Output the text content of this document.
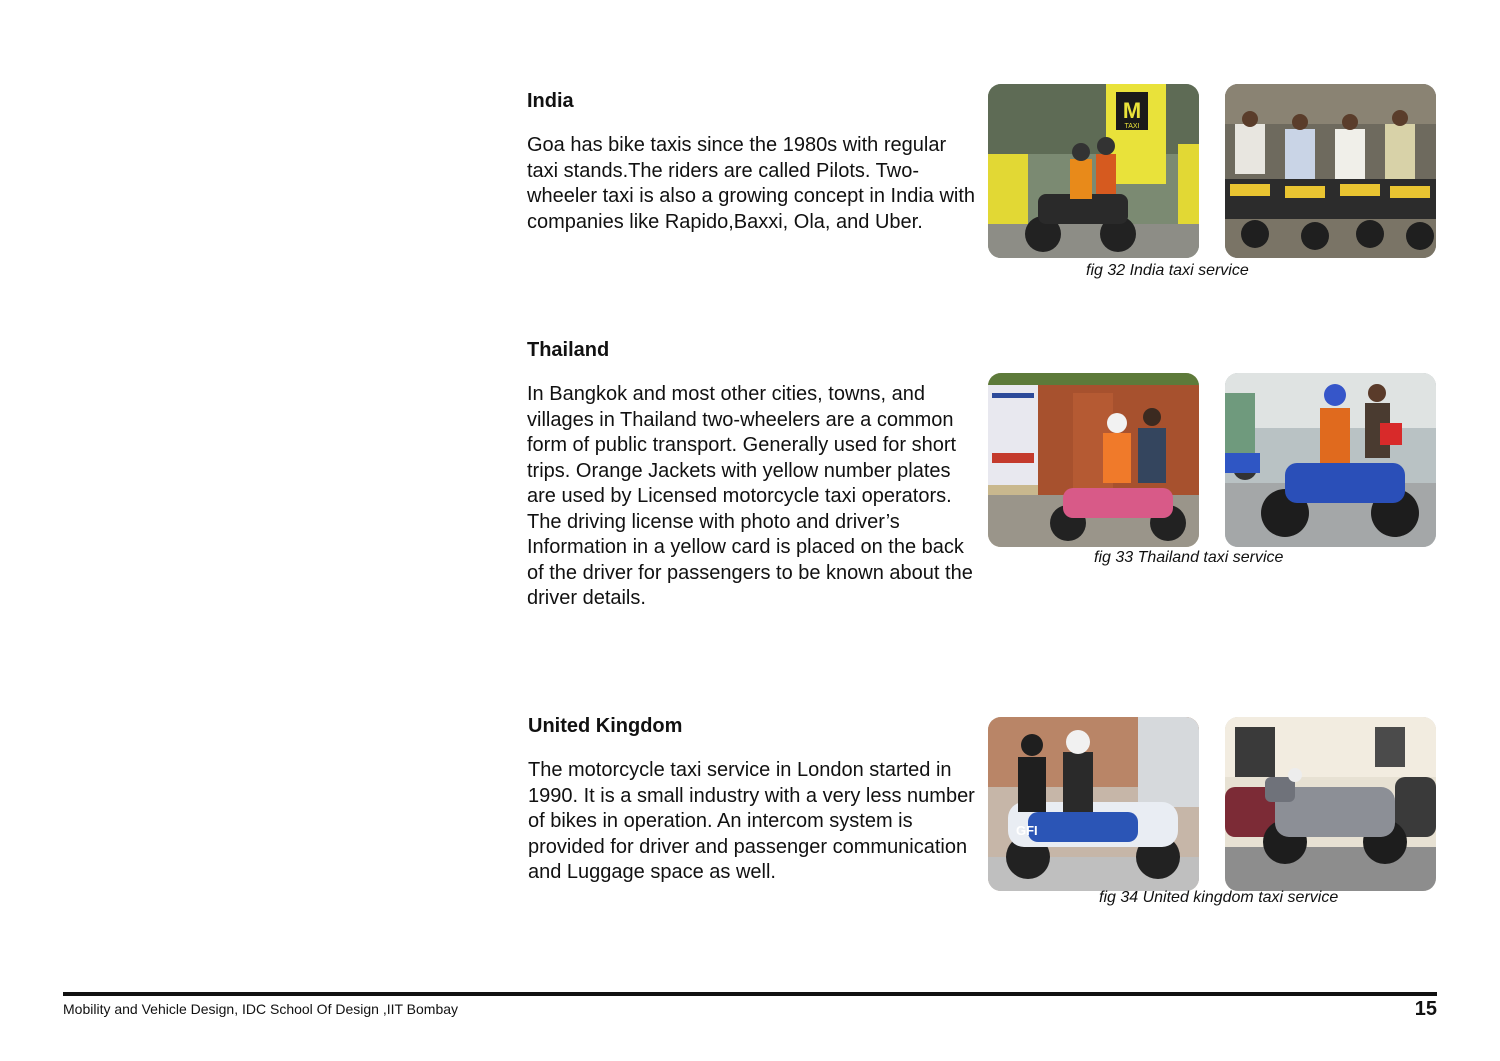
India

Goa has bike taxis since the 1980s with regular taxi stands.The riders are called Pilots. Two-wheeler taxi is also a growing concept in India with companies like Rapido,Baxxi, Ola, and Uber.

M
TAXI
fig 32 India taxi service
Thailand

In Bangkok and most other cities, towns, and villages in Thailand two-wheelers are a common form of public transport. Generally used for short trips. Orange Jackets with yellow number plates are used by Licensed motorcycle taxi operators. The driving license with photo and driver’s Information in a yellow card is placed on the back of the driver for passengers to be known about the driver details.

fig 33 Thailand taxi service
United Kingdom

The motorcycle taxi service in London started in 1990. It is a small industry with a very less number of bikes in operation. An intercom system is provided for driver and passenger communication and Luggage space as well.

GFI
fig 34 United kingdom taxi service
Mobility and Vehicle Design, IDC School Of Design ,IIT Bombay	15
